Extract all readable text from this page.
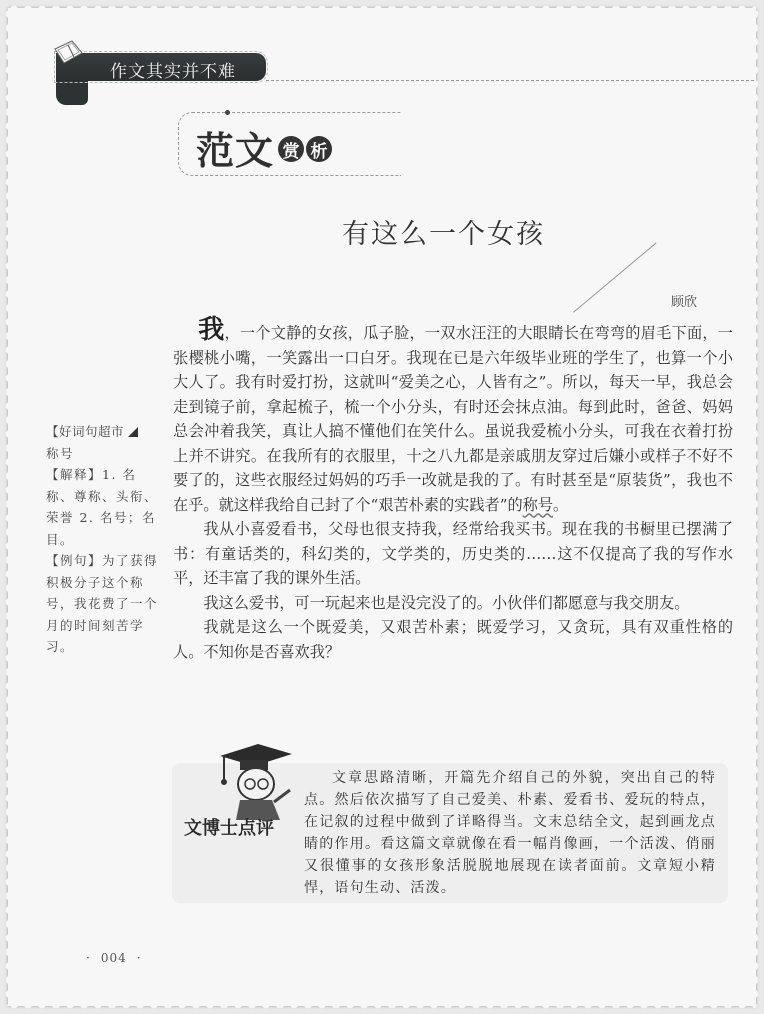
作文其实并不难
范文 赏 析
有这么一个女孩
顾欣

我，一个文静的女孩，瓜子脸，一双水汪汪的大眼睛长在弯弯的眉毛下面，一张樱桃小嘴，一笑露出一口白牙。我现在已是六年级毕业班的学生了，也算一个小大人了。我有时爱打扮，这就叫“爱美之心，人皆有之”。所以，每天一早，我总会走到镜子前，拿起梳子，梳一个小分头，有时还会抹点油。每到此时，爸爸、妈妈总会冲着我笑，真让人搞不懂他们在笑什么。虽说我爱梳小分头，可我在衣着打扮上并不讲究。在我所有的衣服里，十之八九都是亲戚朋友穿过后嫌小或样子不好不要了的，这些衣服经过妈妈的巧手一改就是我的了。有时甚至是“原装货”，我也不在乎。就这样我给自己封了个“艰苦朴素的实践者”的称号。

我从小喜爱看书，父母也很支持我，经常给我买书。现在我的书橱里已摆满了书：有童话类的，科幻类的，文学类的，历史类的……这不仅提高了我的写作水平，还丰富了我的课外生活。

我这么爱书，可一玩起来也是没完没了的。小伙伴们都愿意与我交朋友。

我就是这么一个既爱美，又艰苦朴素；既爱学习，又贪玩，具有双重性格的人。不知你是否喜欢我？

【好词句超市
称号
【解释】1. 名称、尊称、头衔、荣誉 2. 名号；名目。
【例句】为了获得积极分子这个称号，我花费了一个月的时间刻苦学习。

文章思路清晰，开篇先介绍自己的外貌，突出自己的特点。然后依次描写了自己爱美、朴素、爱看书、爱玩的特点，在记叙的过程中做到了详略得当。文末总结全文，起到画龙点睛的作用。看这篇文章就像在看一幅肖像画，一个活泼、俏丽又很懂事的女孩形象活脱脱地展现在读者面前。文章短小精悍，语句生动、活泼。

文博士点评
· 004 ·
